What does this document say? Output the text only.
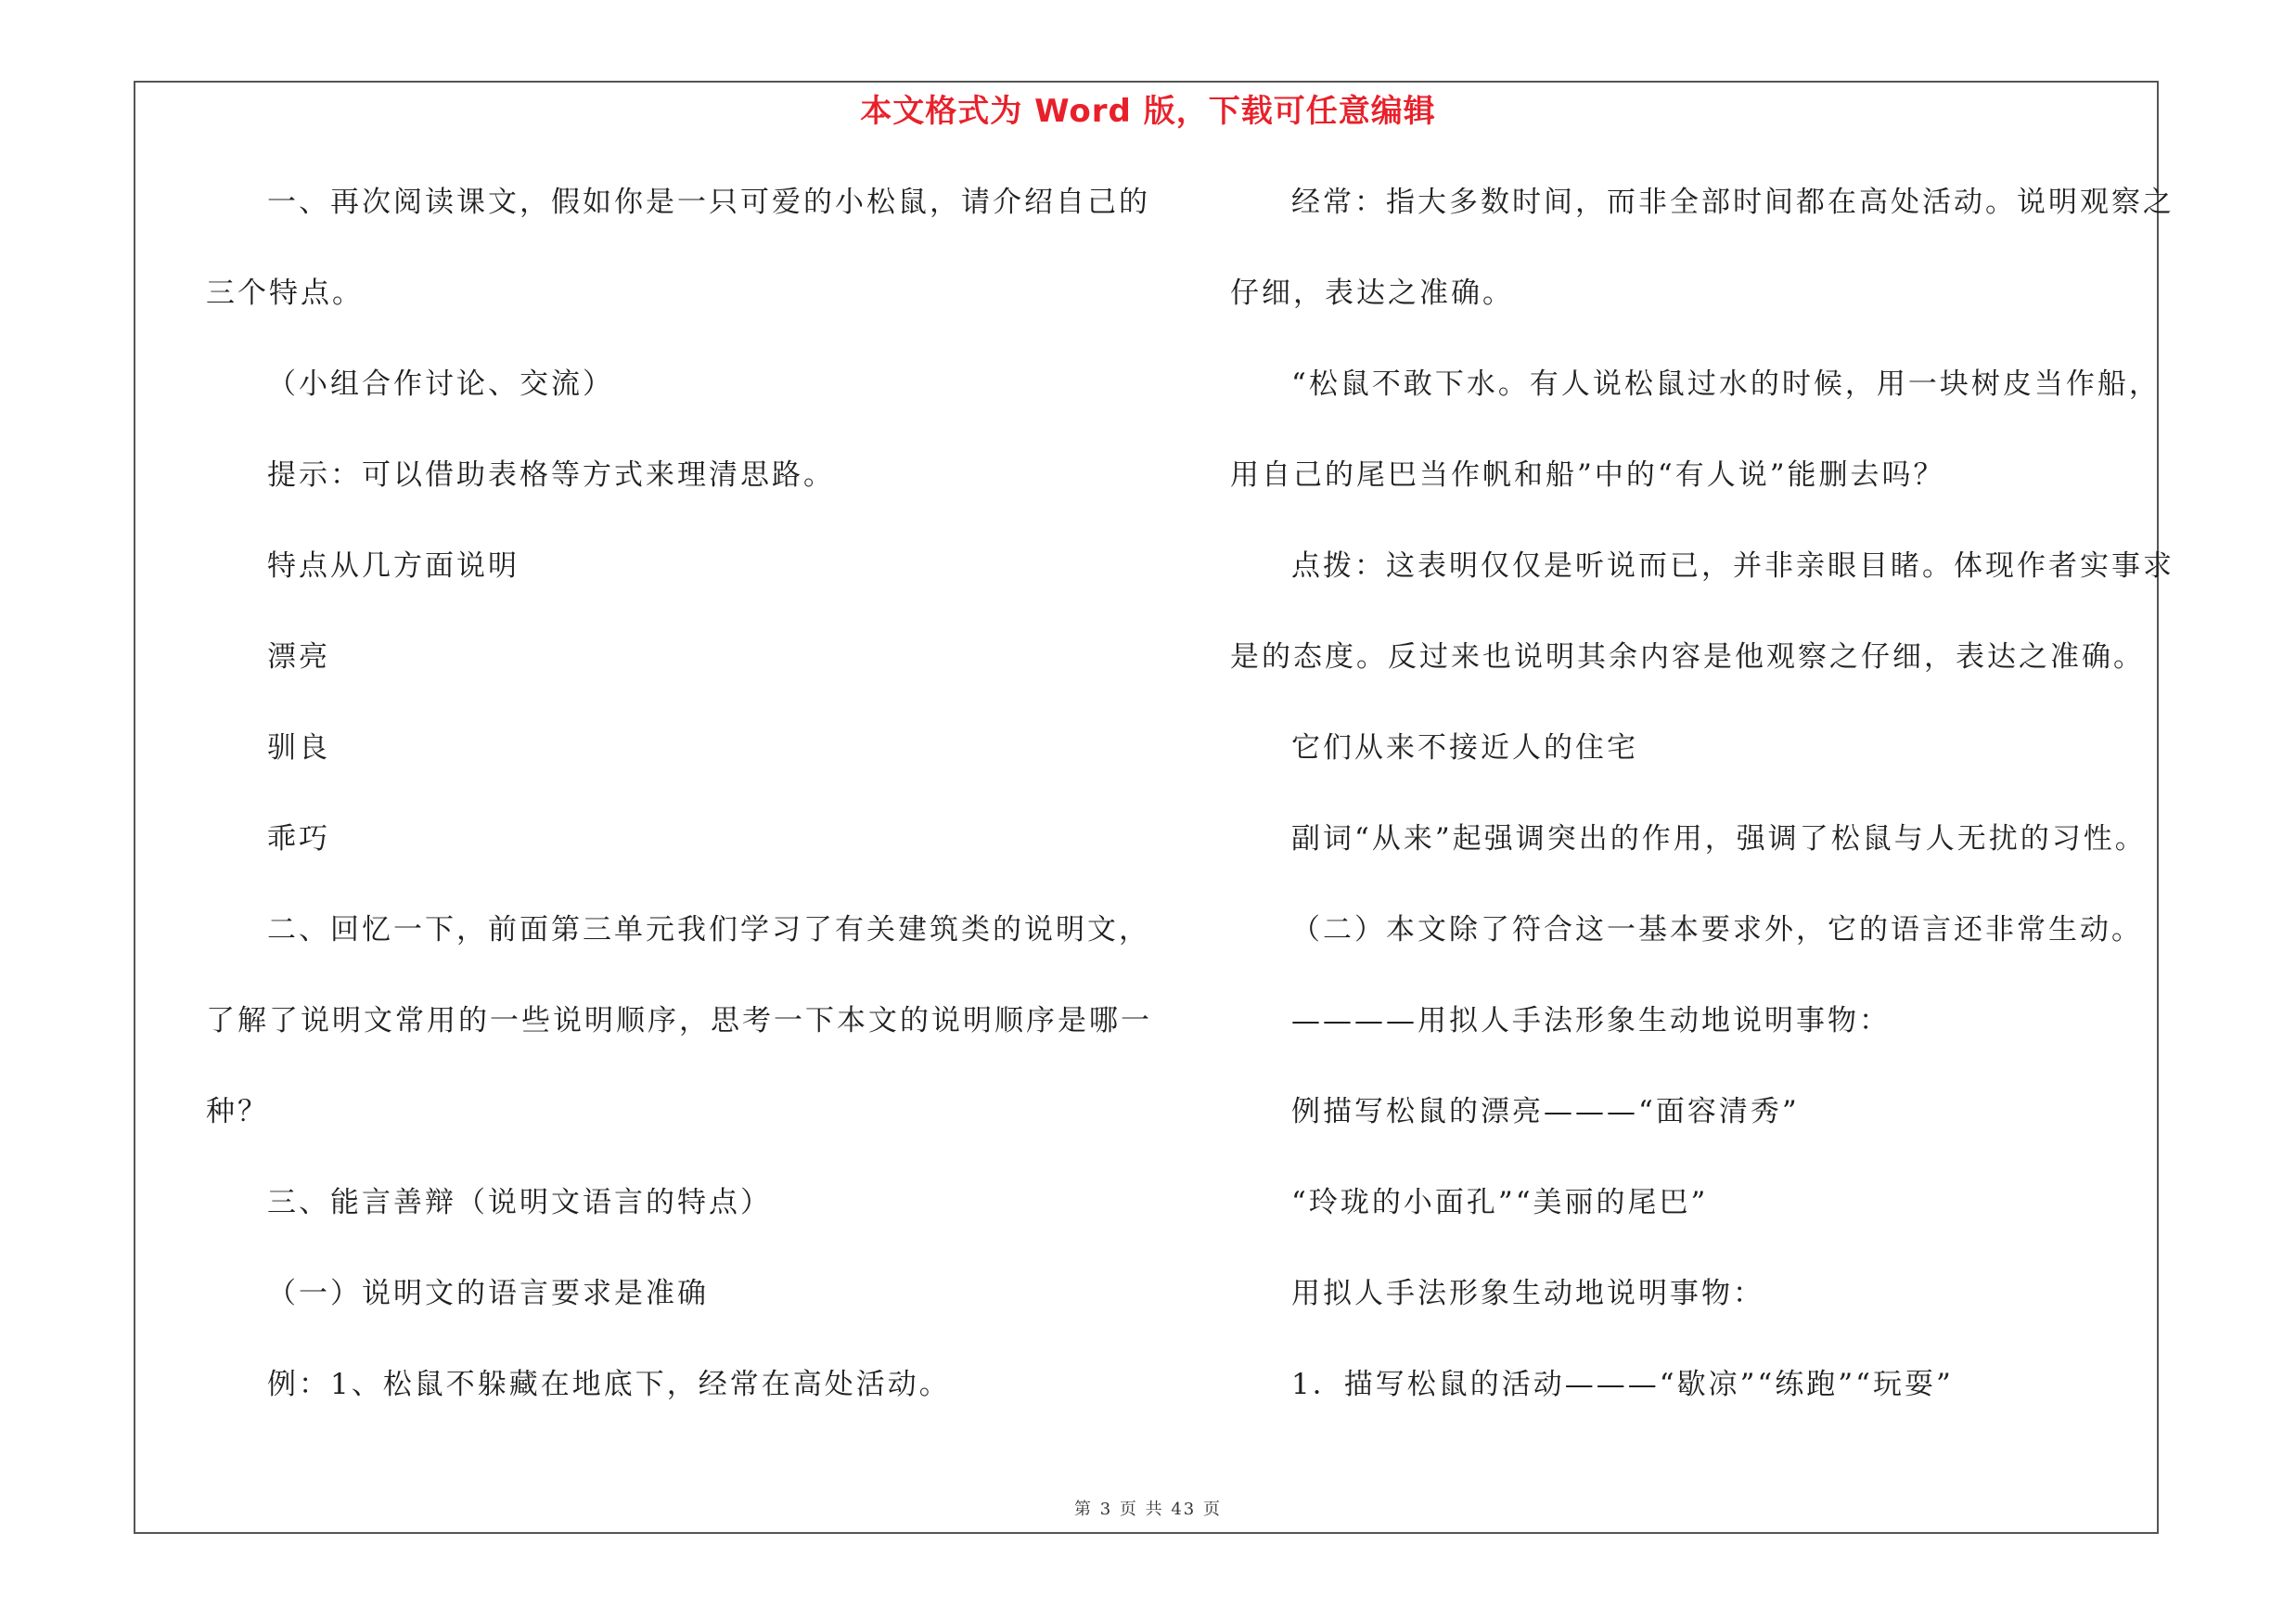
本文格式为 Word 版，下载可任意编辑
一、再次阅读课文，假如你是一只可爱的小松鼠，请介绍自己的
三个特点。
（小组合作讨论、交流）
提示：可以借助表格等方式来理清思路。
特点从几方面说明
漂亮
驯良
乖巧
二、回忆一下，前面第三单元我们学习了有关建筑类的说明文，
了解了说明文常用的一些说明顺序，思考一下本文的说明顺序是哪一
种？
三、能言善辩（说明文语言的特点）
（一）说明文的语言要求是准确
例：1、松鼠不躲藏在地底下，经常在高处活动。
经常：指大多数时间，而非全部时间都在高处活动。说明观察之
仔细，表达之准确。
“松鼠不敢下水。有人说松鼠过水的时候，用一块树皮当作船，
用自己的尾巴当作帆和船”中的“有人说”能删去吗？
点拨：这表明仅仅是听说而已，并非亲眼目睹。体现作者实事求
是的态度。反过来也说明其余内容是他观察之仔细，表达之准确。
它们从来不接近人的住宅
副词“从来”起强调突出的作用，强调了松鼠与人无扰的习性。
（二）本文除了符合这一基本要求外，它的语言还非常生动。
————用拟人手法形象生动地说明事物：
例描写松鼠的漂亮———“面容清秀”
“玲珑的小面孔”“美丽的尾巴”
用拟人手法形象生动地说明事物：
1．描写松鼠的活动———“歇凉”“练跑”“玩耍”
第 3 页 共 43 页
